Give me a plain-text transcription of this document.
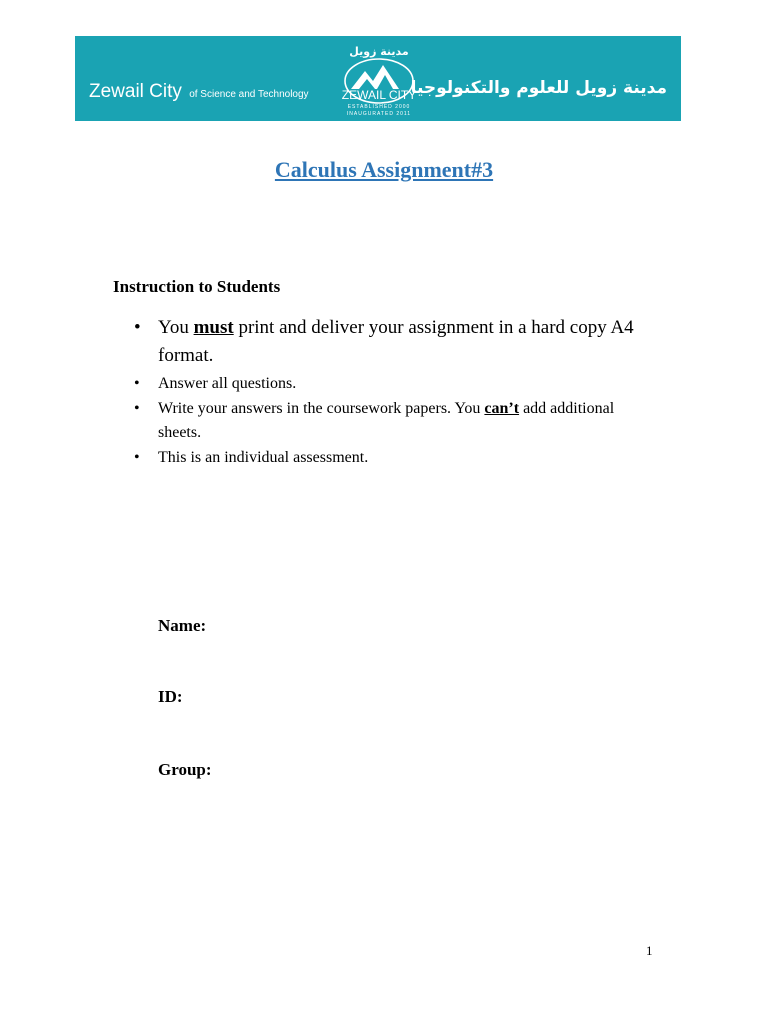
Zewail City of Science and Technology
مدينة زويل
ZEWAIL CITY
ESTABLISHED 2000
INAUGURATED 2011
مدينة زويل للعلوم والتكنولوجيا
Calculus Assignment#3
Instruction to Students
• You must print and deliver your assignment in a hard copy A4 format.
• Answer all questions.
• Write your answers in the coursework papers. You can’t add additional sheets.
• This is an individual assessment.
Name:
ID:
Group:
1
